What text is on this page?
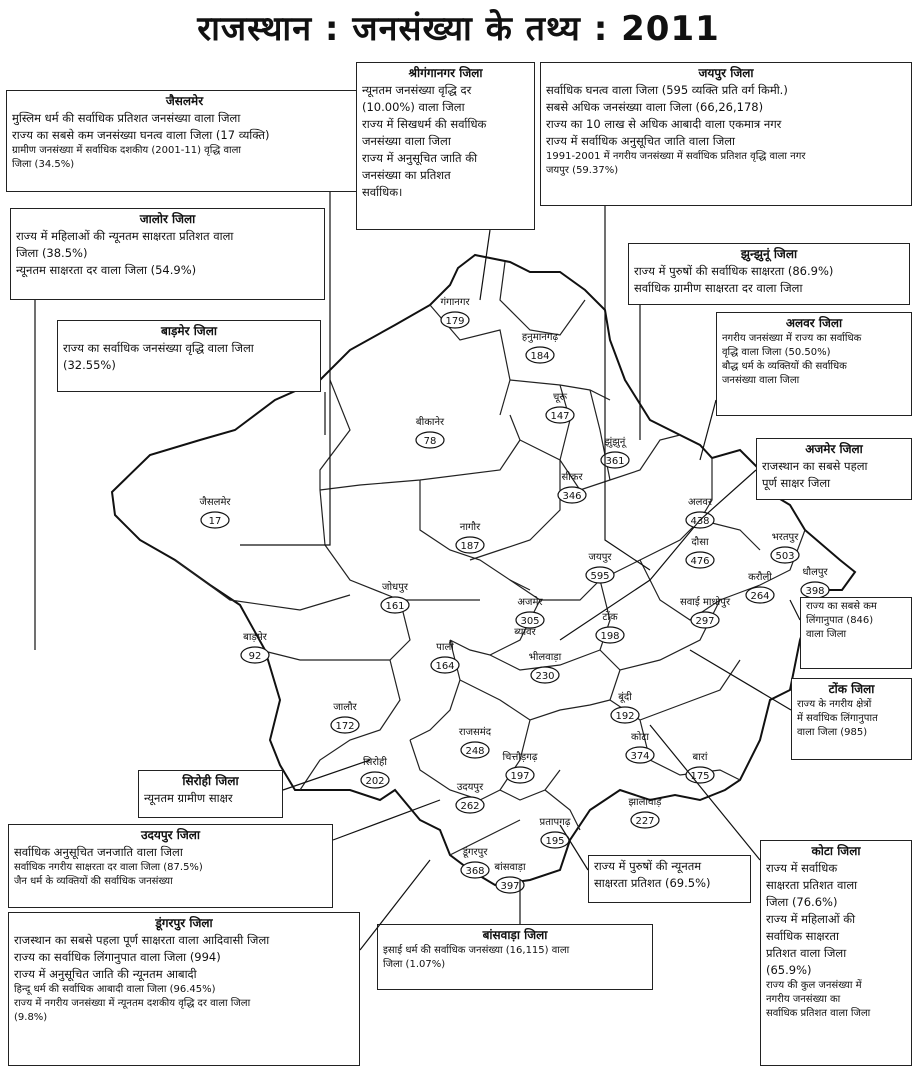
राजस्थान : जनसंख्या के तथ्य : 2011
गंगानगर
179
हनुमानगढ़
184
बीकानेर
78
चूरू
147
झुंझुनूं
361
सीकर
346
जैसलमेर
17
नागौर
187
जयपुर
595
अलवर
438
भरतपुर
503
धौलपुर
398
दौसा
476
करौली
264
सवाई माधोपुर
297
जोधपुर
161	अजमेर
305
ब्यावर
टोंक
198
बाड़मेर
92
पाली
164
भीलवाड़ा
230
बूंदी
192
जालौर
172
राजसमंद
248
सिरोही
202
उदयपुर
262
चित्तौड़गढ़
197
कोटा
374	बारां
175
झालावाड़
227
प्रतापगढ़
195
डूंगरपुर
368 बांसवाड़ा
397
जैसलमेर
मुस्लिम धर्म की सर्वाधिक प्रतिशत जनसंख्या वाला जिला
राज्य का सबसे कम जनसंख्या घनत्व वाला जिला (17 व्यक्ति)
ग्रामीण जनसंख्या में सर्वाधिक दशकीय (2001-11) वृद्धि वाला
जिला (34.5%)
श्रीगंगानगर जिला
न्यूनतम जनसंख्या वृद्धि दर
(10.00%) वाला जिला
राज्य में सिखधर्म की सर्वाधिक
जनसंख्या वाला जिला
राज्य में अनुसूचित जाति की
जनसंख्या का प्रतिशत
सर्वाधिक।
जयपुर जिला
सर्वाधिक घनत्व वाला जिला (595 व्यक्ति प्रति वर्ग किमी.)
सबसे अधिक जनसंख्या वाला जिला (66,26,178)
राज्य का 10 लाख से अधिक आबादी वाला एकमात्र नगर
राज्य में सर्वाधिक अनुसूचित जाति वाला जिला
1991-2001 में नगरीय जनसंख्या में सर्वाधिक प्रतिशत वृद्धि वाला नगर
जयपुर (59.37%)
जालोर जिला
राज्य में महिलाओं की न्यूनतम साक्षरता प्रतिशत वाला
जिला (38.5%)
न्यूनतम साक्षरता दर वाला जिला (54.9%)
झुन्झुनूं जिला
राज्य में पुरुषों की सर्वाधिक साक्षरता (86.9%)
सर्वाधिक ग्रामीण साक्षरता दर वाला जिला
बाड़मेर जिला
राज्य का सर्वाधिक जनसंख्या वृद्धि वाला जिला
(32.55%)
अलवर जिला
नगरीय जनसंख्या में राज्य का सर्वाधिक
वृद्धि वाला जिला (50.50%)
बौद्ध धर्म के व्यक्तियों की सर्वाधिक
जनसंख्या वाला जिला
अजमेर जिला
राजस्थान का सबसे पहला
पूर्ण साक्षर जिला
राज्य का सबसे कम
लिंगानुपात (846)
वाला जिला
टोंक जिला
राज्य के नगरीय क्षेत्रों
में सर्वाधिक लिंगानुपात
वाला जिला (985)
सिरोही जिला
न्यूनतम ग्रामीण साक्षर
उदयपुर जिला
सर्वाधिक अनुसूचित जनजाति वाला जिला
सर्वाधिक नगरीय साक्षरता दर वाला जिला (87.5%)
जैन धर्म के व्यक्तियों की सर्वाधिक जनसंख्या
राज्य में पुरुषों की न्यूनतम
साक्षरता प्रतिशत (69.5%)
कोटा जिला
राज्य में सर्वाधिक
साक्षरता प्रतिशत वाला
जिला (76.6%)
राज्य में महिलाओं की
सर्वाधिक साक्षरता
प्रतिशत वाला जिला
(65.9%)
राज्य की कुल जनसंख्या में
नगरीय जनसंख्या का
सर्वाधिक प्रतिशत वाला जिला
डूंगरपुर जिला
राजस्थान का सबसे पहला पूर्ण साक्षरता वाला आदिवासी जिला
राज्य का सर्वाधिक लिंगानुपात वाला जिला (994)
राज्य में अनुसूचित जाति की न्यूनतम आबादी
हिन्दू धर्म की सर्वाधिक आबादी वाला जिला (96.45%)
राज्य में नगरीय जनसंख्या में न्यूनतम दशकीय वृद्धि दर वाला जिला
(9.8%)
बांसवाड़ा जिला
इसाई धर्म की सर्वाधिक जनसंख्या (16,115) वाला
जिला (1.07%)
